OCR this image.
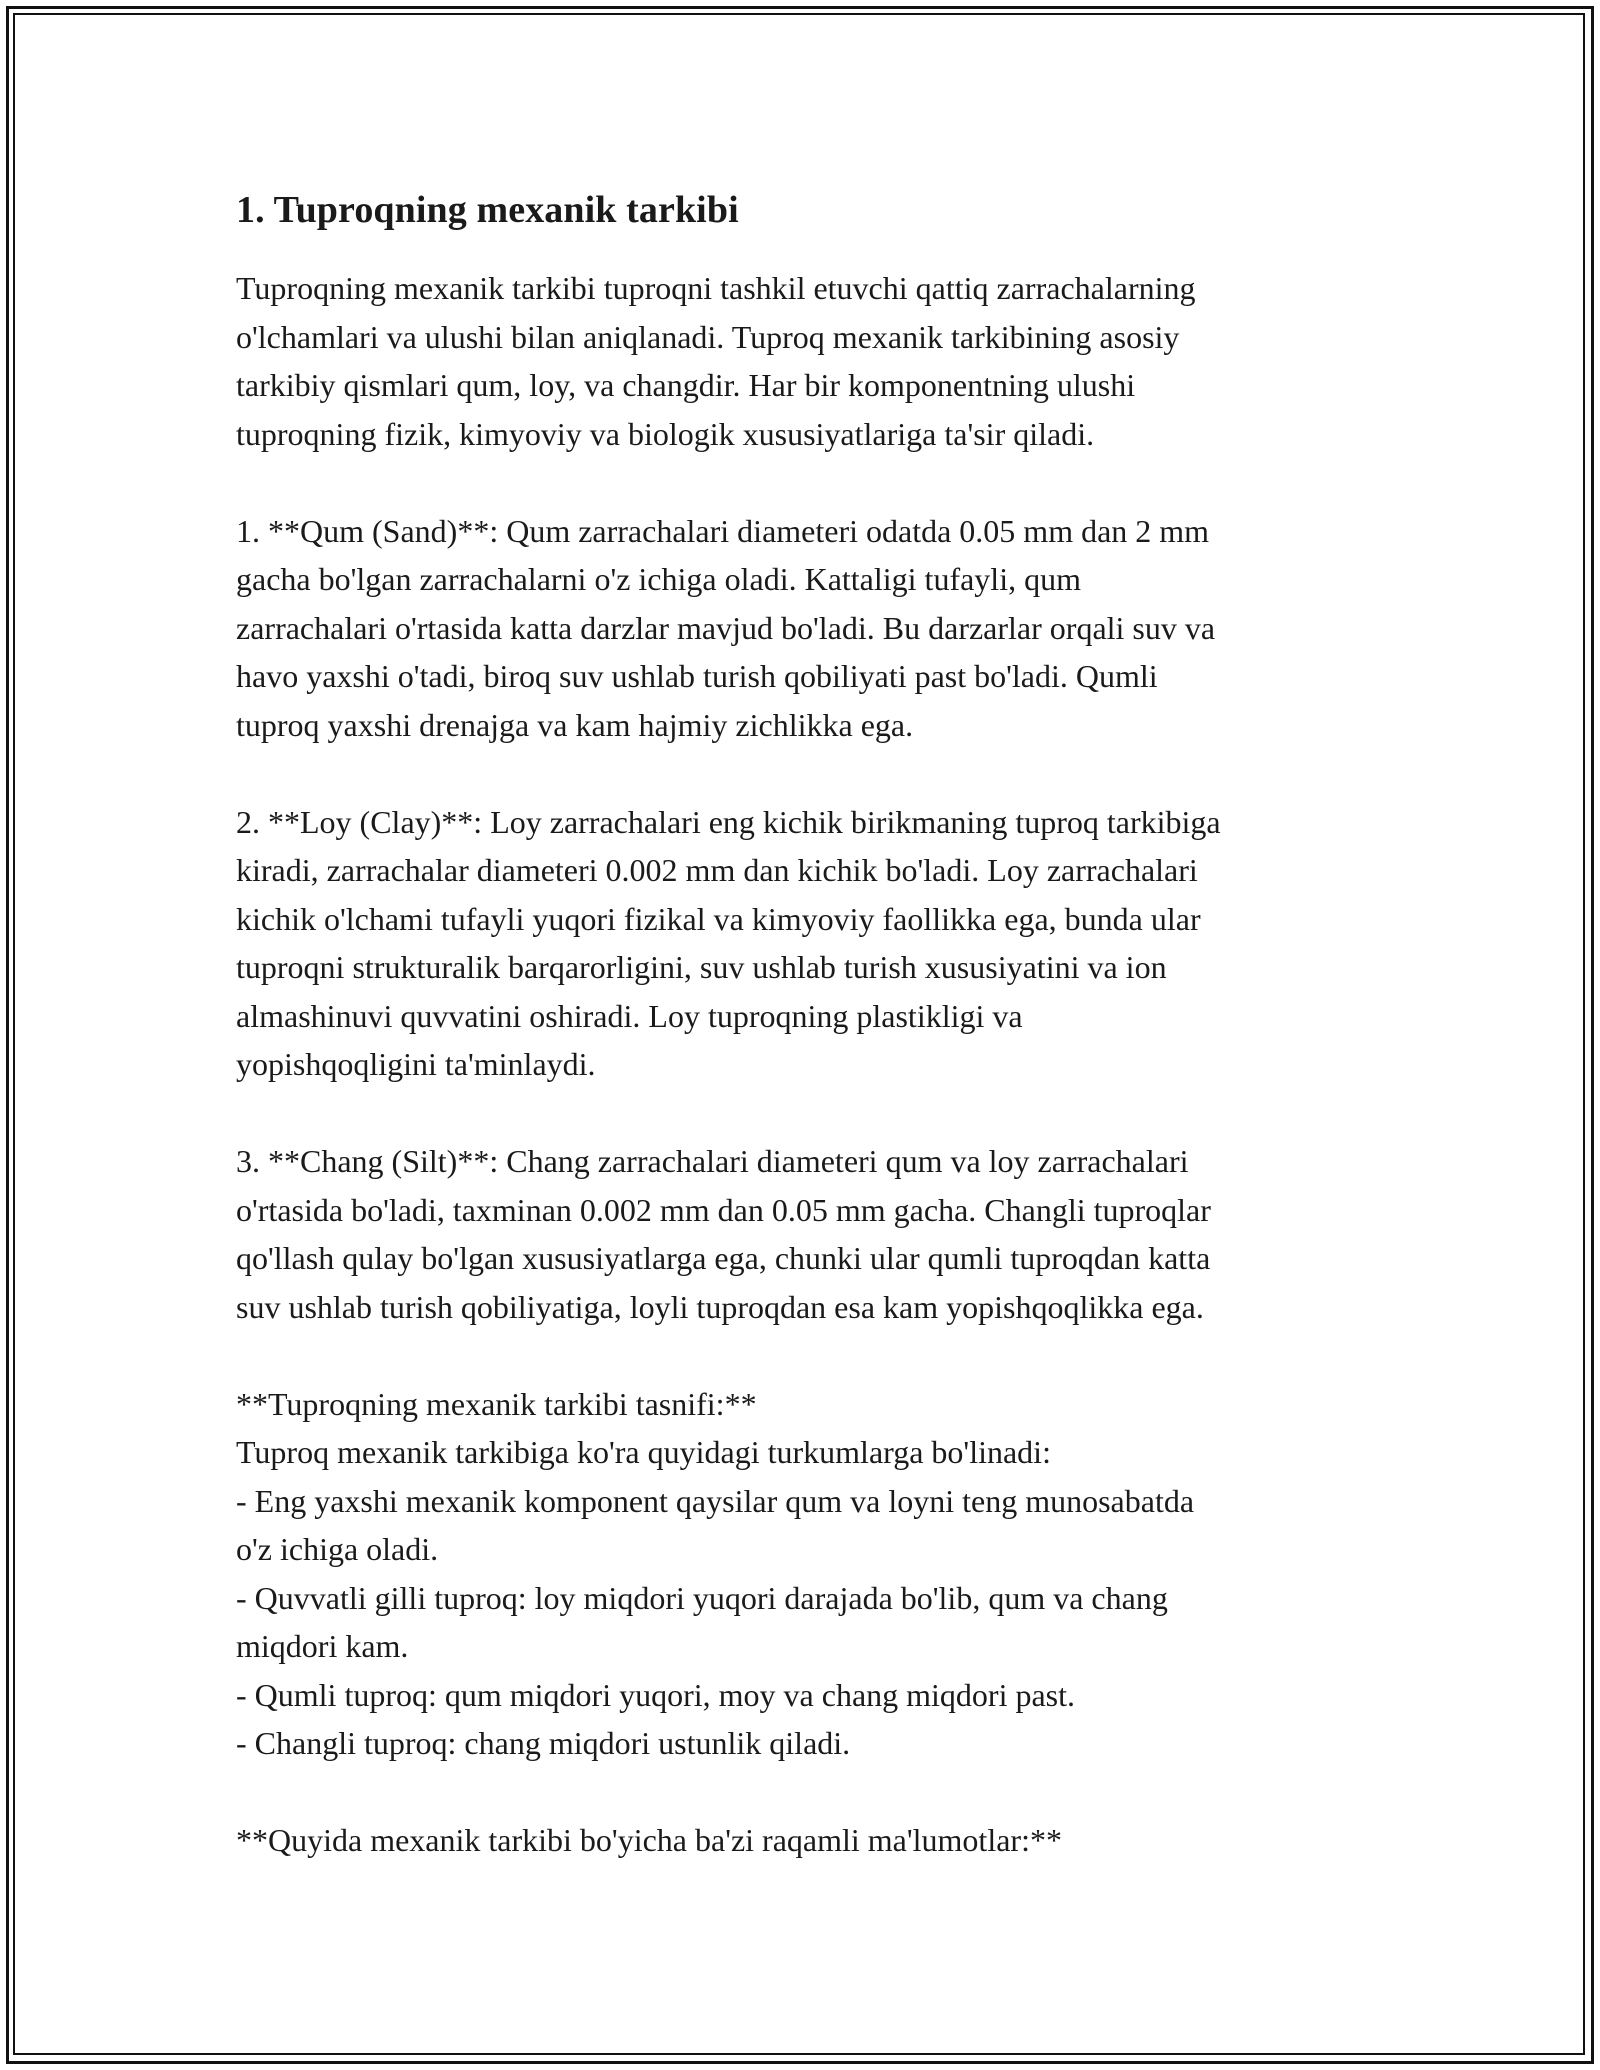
1. Tuproqning mexanik tarkibi

Tuproqning mexanik tarkibi tuproqni tashkil etuvchi qattiq zarrachalarning
o'lchamlari va ulushi bilan aniqlanadi. Tuproq mexanik tarkibining asosiy
tarkibiy qismlari qum, loy, va changdir. Har bir komponentning ulushi
tuproqning fizik, kimyoviy va biologik xususiyatlariga ta'sir qiladi.

1. **Qum (Sand)**: Qum zarrachalari diameteri odatda 0.05 mm dan 2 mm
gacha bo'lgan zarrachalarni o'z ichiga oladi. Kattaligi tufayli, qum
zarrachalari o'rtasida katta darzlar mavjud bo'ladi. Bu darzarlar orqali suv va
havo yaxshi o'tadi, biroq suv ushlab turish qobiliyati past bo'ladi. Qumli
tuproq yaxshi drenajga va kam hajmiy zichlikka ega.

2. **Loy (Clay)**: Loy zarrachalari eng kichik birikmaning tuproq tarkibiga
kiradi, zarrachalar diameteri 0.002 mm dan kichik bo'ladi. Loy zarrachalari
kichik o'lchami tufayli yuqori fizikal va kimyoviy faollikka ega, bunda ular
tuproqni strukturalik barqarorligini, suv ushlab turish xususiyatini va ion
almashinuvi quvvatini oshiradi. Loy tuproqning plastikligi va
yopishqoqligini ta'minlaydi.

3. **Chang (Silt)**: Chang zarrachalari diameteri qum va loy zarrachalari
o'rtasida bo'ladi, taxminan 0.002 mm dan 0.05 mm gacha. Changli tuproqlar
qo'llash qulay bo'lgan xususiyatlarga ega, chunki ular qumli tuproqdan katta
suv ushlab turish qobiliyatiga, loyli tuproqdan esa kam yopishqoqlikka ega.

**Tuproqning mexanik tarkibi tasnifi:**
Tuproq mexanik tarkibiga ko'ra quyidagi turkumlarga bo'linadi:
- Eng yaxshi mexanik komponent qaysilar qum va loyni teng munosabatda
o'z ichiga oladi.
- Quvvatli gilli tuproq: loy miqdori yuqori darajada bo'lib, qum va chang
miqdori kam.
- Qumli tuproq: qum miqdori yuqori, moy va chang miqdori past.
- Changli tuproq: chang miqdori ustunlik qiladi.

**Quyida mexanik tarkibi bo'yicha ba'zi raqamli ma'lumotlar:**
